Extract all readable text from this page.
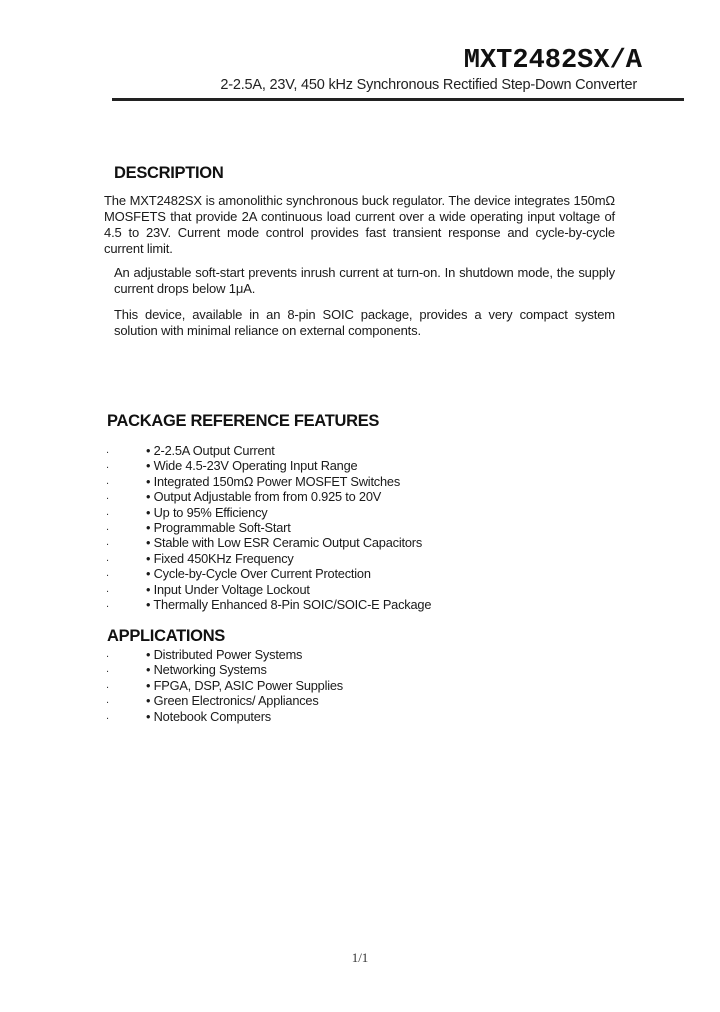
MXT2482SX/A
2-2.5A, 23V, 450 kHz Synchronous Rectified Step-Down Converter
DESCRIPTION

The MXT2482SX is amonolithic synchronous buck regulator. The device integrates 150mΩ MOSFETS that provide 2A continuous load current over a wide operating input voltage of 4.5 to 23V. Current mode control provides fast transient response and cycle-by-cycle current limit.

An adjustable soft-start prevents inrush current at turn-on. In shutdown mode, the supply current drops below 1μA.

This device, available in an 8-pin SOIC package, provides a very compact system solution with minimal reliance on external components.

PACKAGE REFERENCE FEATURES
.	• 2-2.5A Output Current
.	• Wide 4.5-23V Operating Input Range
.	• Integrated 150mΩ Power MOSFET Switches
.	• Output Adjustable from from 0.925 to 20V
.	• Up to 95% Efficiency
.	• Programmable Soft-Start
.	• Stable with Low ESR Ceramic Output Capacitors
.	• Fixed 450KHz Frequency
.	• Cycle-by-Cycle Over Current Protection
.	• Input Under Voltage Lockout
.	• Thermally Enhanced 8-Pin SOIC/SOIC-E Package
APPLICATIONS
.	• Distributed Power Systems
.	• Networking Systems
.	• FPGA, DSP, ASIC Power Supplies
.	• Green Electronics/ Appliances
.	• Notebook Computers
1/1
